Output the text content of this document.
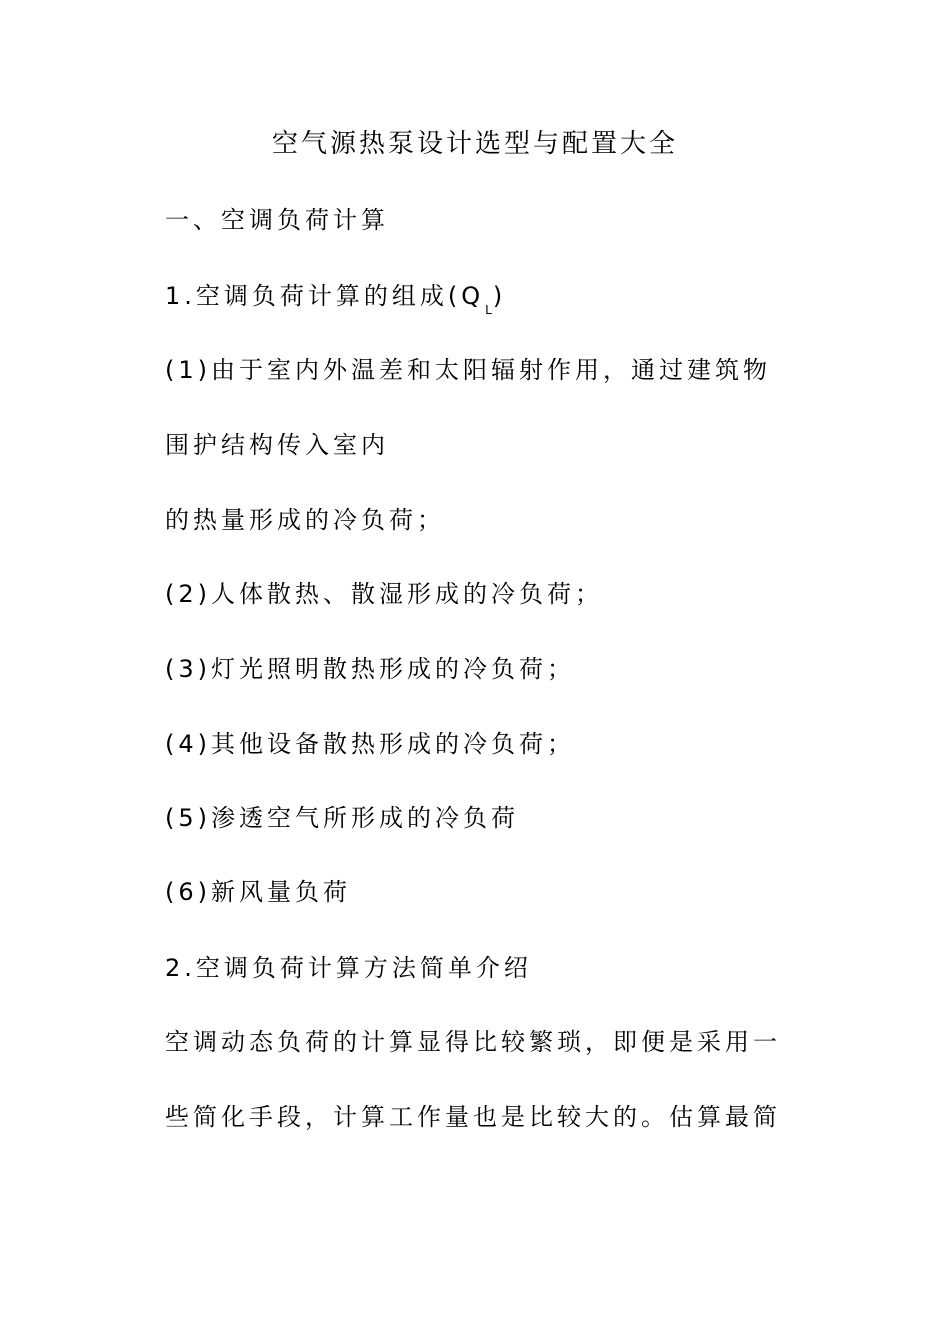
空气源热泵设计选型与配置大全
一、空调负荷计算
1.空调负荷计算的组成$(Q_L)$
(1)由于室内外温差和太阳辐射作用，通过建筑物
围护结构传入室内
的热量形成的冷负荷；
(2)人体散热、散湿形成的冷负荷；
(3)灯光照明散热形成的冷负荷；
(4)其他设备散热形成的冷负荷；
(5)渗透空气所形成的冷负荷
(6)新风量负荷
2.空调负荷计算方法简单介绍
空调动态负荷的计算显得比较繁琐，即便是采用一
些简化手段，计算工作量也是比较大的。估算最简
